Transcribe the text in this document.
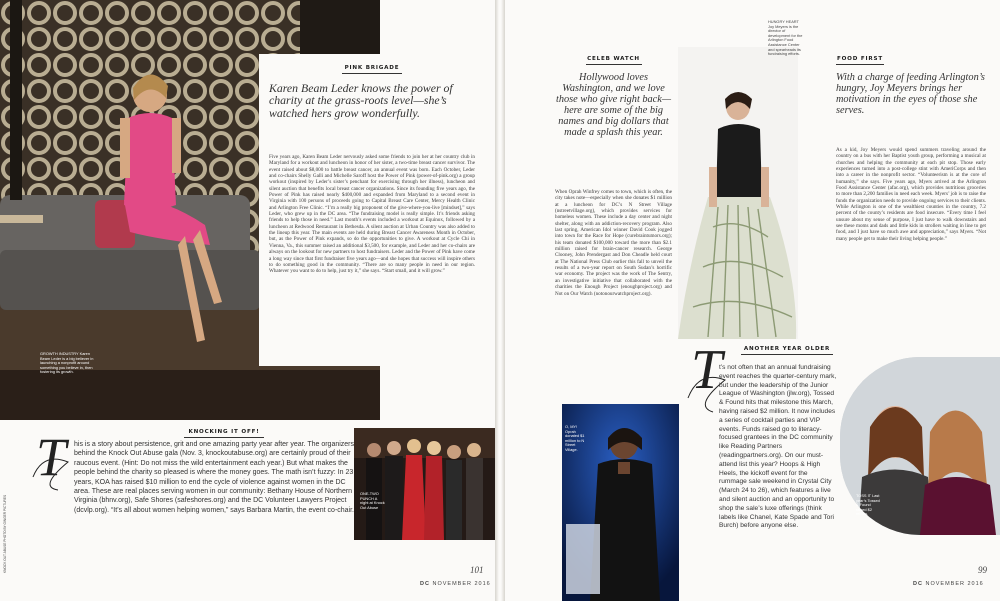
GROWTH INDUSTRY Karen Beam Leder is a big believer in launching a nonprofit around something you believe in, then fostering its growth.
PINK BRIGADE
Karen Beam Leder knows the power of charity at the grass-roots level—she’s watched hers grow wonderfully.
Five years ago, Karen Beam Leder nervously asked some friends to join her at her country club in Maryland for a workout and luncheon in honor of her sister, a two-time breast cancer survivor. The event raised about $8,000 to battle breast cancer, an annual event was born. Each October, Leder and co-chairs Shelly Galli and Michelle Saroff host the Power of Pink (power-of-pink.org) a group workout (inspired by Leder’s sister’s penchant for exercising through her illness), luncheon and silent auction that benefits local breast cancer organizations. Since its founding five years ago, the Power of Pink has raised nearly $400,000 and expanded from Maryland to a second event in Virginia with 100 persons of proceeds going to Capital Breast Care Center, Mercy Health Clinic and Arlington Free Clinic. “I’m a really big proponent of the give-where-you-live [mindset],” says Leder, who grew up in the DC area. “The fundraising model is really simple. It’s friends asking friends to help those in need.” Last month’s events included a workout at Equinox, followed by a luncheon at Redwood Restaurant in Bethesda. A silent auction at Urban Country was also added to the lineup this year. The main events are held during Breast Cancer Awareness Month in October, but, as the Power of Pink expands, so do the opportunities to give. A workout at Cycle Chi in Vienna, Va., this summer raised an additional $3,500, for example, and Leder and her co-chairs are always on the lookout for new partners to host fundraisers. Leder and the Power of Pink have come a long way since that first fundraiser five years ago—and she hopes that success will inspire others to do something good in the community. “There are so many people in need in our region. Whatever you want to do to help, just try it,” she says. “Start small, and it will grow.”
KNOCK OUT ABUSE PHOTO BY GINGER PICTURES
KNOCKING IT OFF!
T his is a story about persistence, grit and one amazing party year after year. The organizers behind the Knock Out Abuse gala (Nov. 3, knockoutabuse.org) are certainly proud of their raucous event. (Hint: Do not miss the wild entertainment each year.) But what makes the people behind the charity so pleased is where the money goes. The math isn’t fuzzy: In 23 years, KOA has raised $10 million to end the cycle of violence against women in the DC area. These are real places serving women in our community: Bethany House of Northern Virginia (bhnv.org), Safe Shores (safeshores.org) and the DC Volunteer Lawyers Project (dcvlp.org). “It’s all about women helping women,” says Barbara Martin, the event co-chair.
ONE-TWO PUNCH A night at Knock Out Abuse
101
DC NOVEMBER 2016
CELEB WATCH
Hollywood loves Washington, and we love those who give right back—here are some of the big names and big dollars that made a splash this year.
When Oprah Winfrey comes to town, which is often, the city takes note—especially when she donates $1 million at a luncheon for DC’s N Street Village (nstreetvillage.org), which provides services for homeless women. These include a day center and night shelter, along with an addiction-recovery program. Also last spring, American Idol winner David Cook jogged into town for the Race for Hope (curebraintumors.org); his team donated $100,000 toward the more than $2.1 million raised for brain-cancer research. George Clooney, John Prendergast and Don Cheadle held court at The National Press Club earlier this fall to unveil the results of a two-year report on South Sudan’s horrific war economy. The project was the work of The Sentry, an investigative initiative that collaborated with the charities the Enough Project (enoughproject.org) and Not on Our Watch (notonourwatchproject.org).
O, MY! Oprah donated $1 million to N Street Village.
HUNGRY HEART Joy Meyers is the director of development for the Arlington Food Assistance Center and spearheads its fundraising efforts.
FOOD FIRST
With a charge of feeding Arlington’s hungry, Joy Meyers brings her motivation in the eyes of those she serves.
As a kid, Joy Meyers would spend summers traveling around the country on a bus with her Baptist youth group, performing a musical at churches and helping the community at each pit stop. Those early experiences turned into a post-college stint with AmeriCorps and then into a career in the nonprofit sector. “Volunteerism is at the core of humanity,” she says. Five years ago, Myers arrived at the Arlington Food Assistance Center (afac.org), which provides nutritious groceries to more than 2,200 families in need each week. Myers’ job is to raise the funds the organization needs to provide ongoing services to their clients. While Arlington is one of the wealthiest counties in the country, 7.2 percent of the county’s residents are food insecure. “Every time I feel unsure about my sense of purpose, I just have to walk downstairs and see these moms and dads and little kids in strollers waiting in line to get food, and I just have so much awe and appreciation,” says Myers. “Not many people get to make their living helping people.”
ANOTHER YEAR OLDER
T
t’s not often that an annual fundraising event reaches the quarter-century mark, but under the leadership of the Junior League of Washington (jlw.org), Tossed & Found hits that milestone this March, having raised $2 million. It now includes a series of cocktail parties and VIP events. Funds raised go to literacy-focused grantees in the DC community like Reading Partners (readingpartners.org). On our must-attend list this year? Hoops & High Heels, the kickoff event for the rummage sale weekend in Crystal City (March 24 to 26), which features a live and silent auction and an opportunity to shop the sale’s luxe offerings (think labels like Chanel, Kate Spade and Tori Burch) before anyone else.
TOSS IT Last year’s Tossed & Found raised $2 million.
99
DC NOVEMBER 2016
